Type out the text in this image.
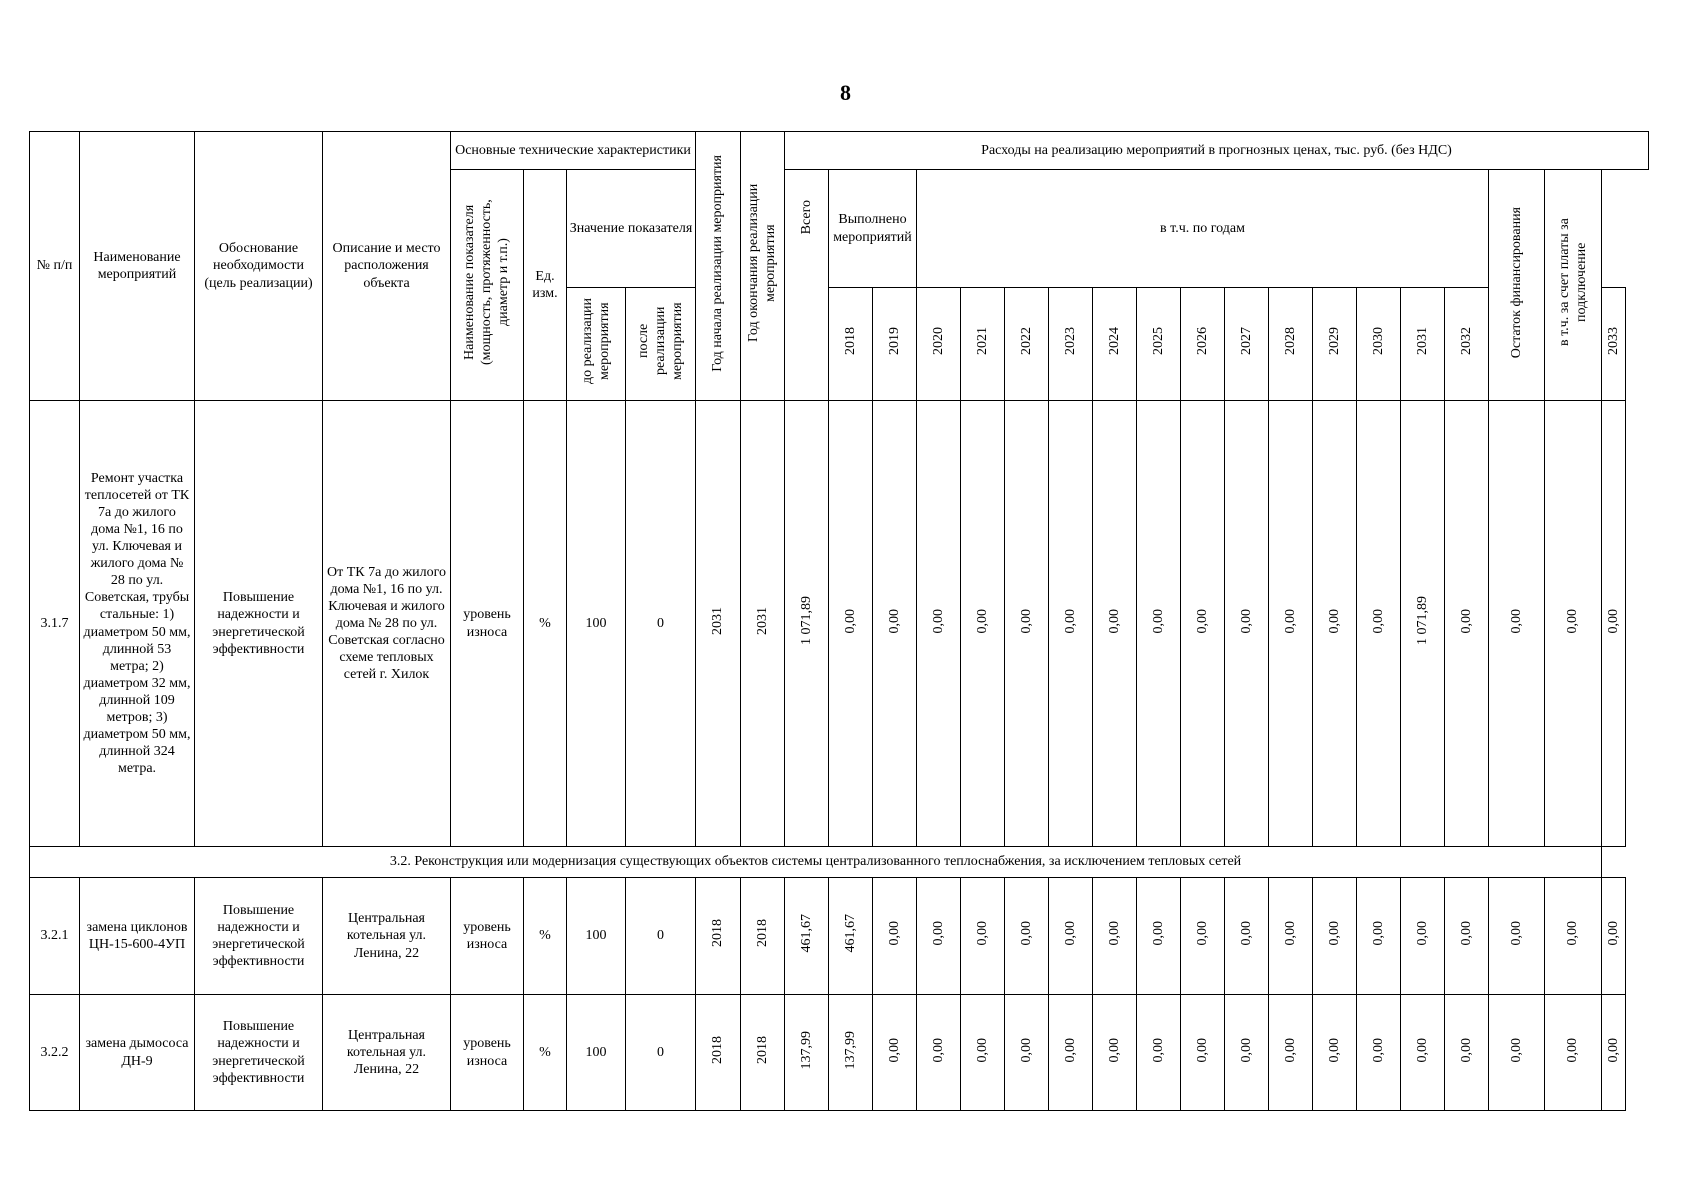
8
№ п/п	Наименование мероприятий	Обоснование необходимости (цель реализации)	Описание и место расположения объекта	Основные технические характеристики				Год начала реализации мероприятия	Год окончания реализации мероприятия	Расходы на реализацию мероприятий в прогнозных ценах, тыс. руб. (без НДС)																		
				Наименование показателя (мощность, протяженность, диаметр и т.п.)	Ед. изм.	Значение показателя				Всего	Выполнено мероприятий		в т.ч. по годам													Остаток финансирования	в т.ч. за счет платы за подключение	
						до реализации мероприятия	после реализации мероприятия				2018	2019	2020	2021	2022	2023	2024	2025	2026	2027	2028	2029	2030	2031	2032			2033
3.1.7	Ремонт участка теплосетей от ТК 7а до жилого дома №1, 16 по ул. Ключевая и жилого дома № 28 по ул. Советская, трубы стальные: 1) диаметром 50 мм, длинной 53 метра; 2) диаметром 32 мм, длинной 109 метров; 3) диаметром 50 мм, длинной 324 метра.	Повышение надежности и энергетической эффективности	От ТК 7а до жилого дома №1, 16 по ул. Ключевая и жилого дома № 28 по ул. Советская согласно схеме тепловых сетей г. Хилок	уровень износа	%	100	0	2031	2031	1 071,89	0,00	0,00	0,00	0,00	0,00	0,00	0,00	0,00	0,00	0,00	0,00	0,00	0,00	1 071,89	0,00	0,00	0,00	0,00
3.2. Реконструкция или модернизация существующих объектов системы централизованного теплоснабжения, за исключением тепловых сетей																												
3.2.1	замена циклонов ЦН-15-600-4УП	Повышение надежности и энергетической эффективности	Центральная котельная ул. Ленина, 22	уровень износа	%	100	0	2018	2018	461,67	461,67	0,00	0,00	0,00	0,00	0,00	0,00	0,00	0,00	0,00	0,00	0,00	0,00	0,00	0,00	0,00	0,00	0,00
3.2.2	замена дымососа ДН-9	Повышение надежности и энергетической эффективности	Центральная котельная ул. Ленина, 22	уровень износа	%	100	0	2018	2018	137,99	137,99	0,00	0,00	0,00	0,00	0,00	0,00	0,00	0,00	0,00	0,00	0,00	0,00	0,00	0,00	0,00	0,00	0,00
